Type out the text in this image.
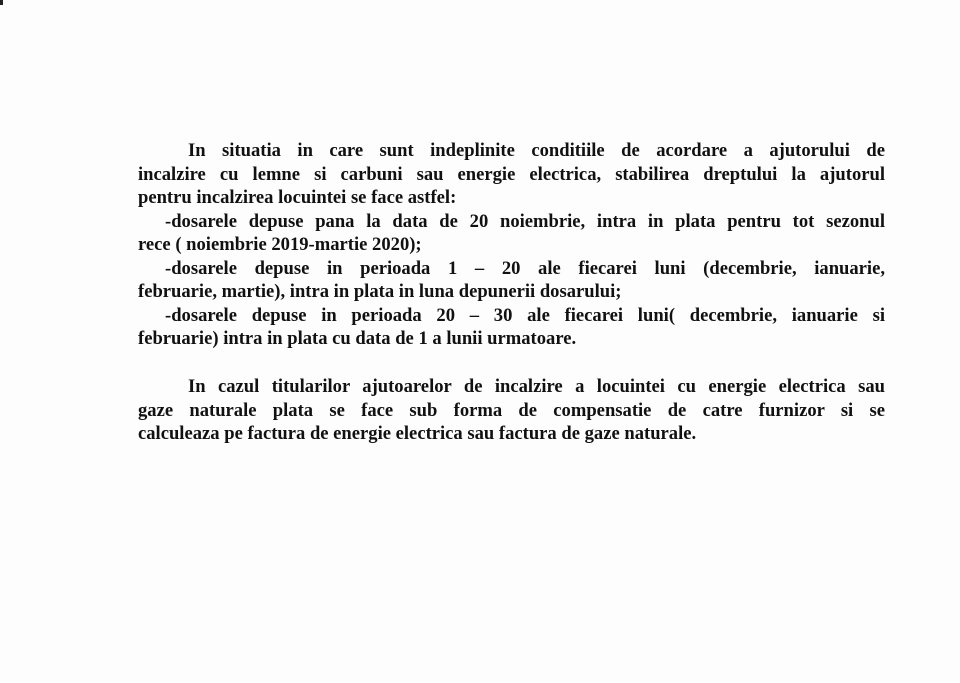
In situatia in care sunt indeplinite conditiile de acordare a ajutorului de
incalzire cu lemne si carbuni sau energie electrica, stabilirea dreptului la ajutorul
pentru incalzirea locuintei se face astfel:
-dosarele depuse pana la data de 20 noiembrie, intra in plata pentru tot sezonul
rece ( noiembrie 2019-martie 2020);
-dosarele depuse in perioada 1 – 20 ale fiecarei luni (decembrie, ianuarie,
februarie, martie), intra in plata in luna depunerii dosarului;
-dosarele depuse in perioada 20 – 30 ale fiecarei luni( decembrie, ianuarie si
februarie) intra in plata cu data de 1 a lunii urmatoare.
In cazul titularilor ajutoarelor de incalzire a locuintei cu energie electrica sau
gaze naturale plata se face sub forma de compensatie de catre furnizor si se
calculeaza pe factura de energie electrica sau factura de gaze naturale.
